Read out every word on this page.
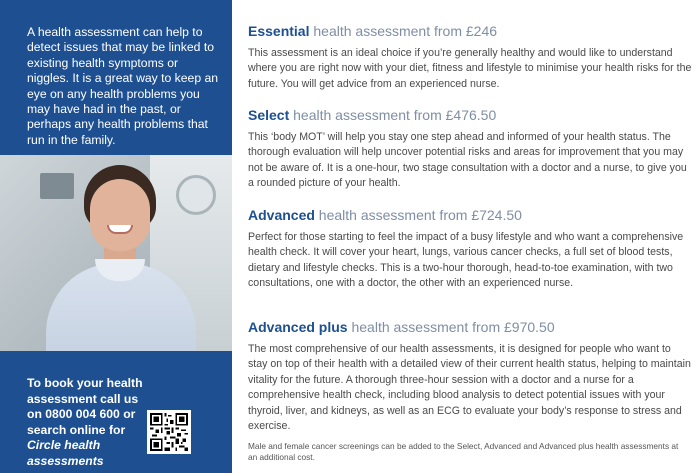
A health assessment can help to detect issues that may be linked to existing health symptoms or niggles. It is a great way to keep an eye on any health problems you may have had in the past, or perhaps any health problems that run in the family.

To book your health assessment call us on 0800 004 600 or search online for Circle health assessments

Essential health assessment from £246

This assessment is an ideal choice if you’re generally healthy and would like to understand where you are right now with your diet, fitness and lifestyle to minimise your health risks for the future. You will get advice from an experienced nurse.

Select health assessment from £476.50

This ‘body MOT’ will help you stay one step ahead and informed of your health status. The thorough evaluation will help uncover potential risks and areas for improvement that you may not be aware of. It is a one-hour, two stage consultation with a doctor and a nurse, to give you a rounded picture of your health.

Advanced health assessment from £724.50

Perfect for those starting to feel the impact of a busy lifestyle and who want a comprehensive health check. It will cover your heart, lungs, various cancer checks, a full set of blood tests, dietary and lifestyle checks. This is a two-hour thorough, head-to-toe examination, with two consultations, one with a doctor, the other with an experienced nurse.

Advanced plus health assessment from £970.50

The most comprehensive of our health assessments, it is designed for people who want to stay on top of their health with a detailed view of their current health status, helping to maintain vitality for the future. A thorough three-hour session with a doctor and a nurse for a comprehensive health check, including blood analysis to detect potential issues with your thyroid, liver, and kidneys, as well as an ECG to evaluate your body’s response to stress and exercise.

Male and female cancer screenings can be added to the Select, Advanced and Advanced plus health assessments at an additional cost.
